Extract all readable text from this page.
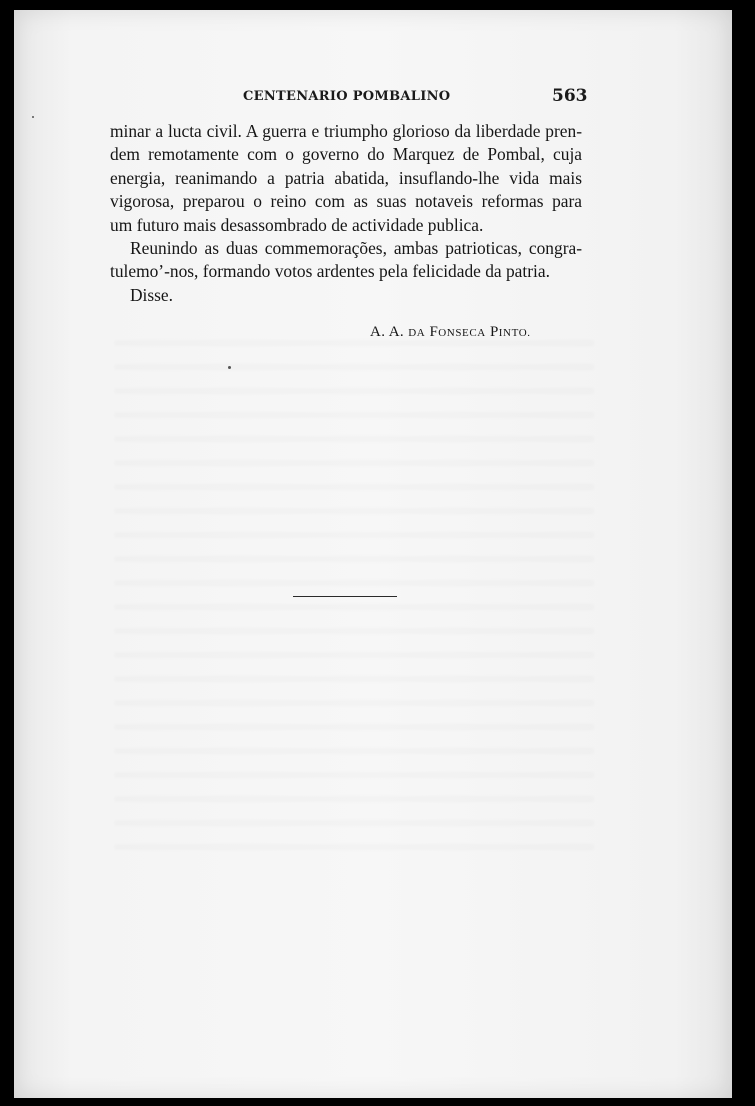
CENTENARIO POMBALINO	563
minar a lucta civil. A guerra e triumpho glorioso da liberdade pren-
dem remotamente com o governo do Marquez de Pombal, cuja
energia, reanimando a patria abatida, insuflando-lhe vida mais
vigorosa, preparou o reino com as suas notaveis reformas para
um futuro mais desassombrado de actividade publica.
Reunindo as duas commemorações, ambas patrioticas, congra-
tulemo’-nos, formando votos ardentes pela felicidade da patria.
Disse.
A. A. DA FONSECA PINTO.
